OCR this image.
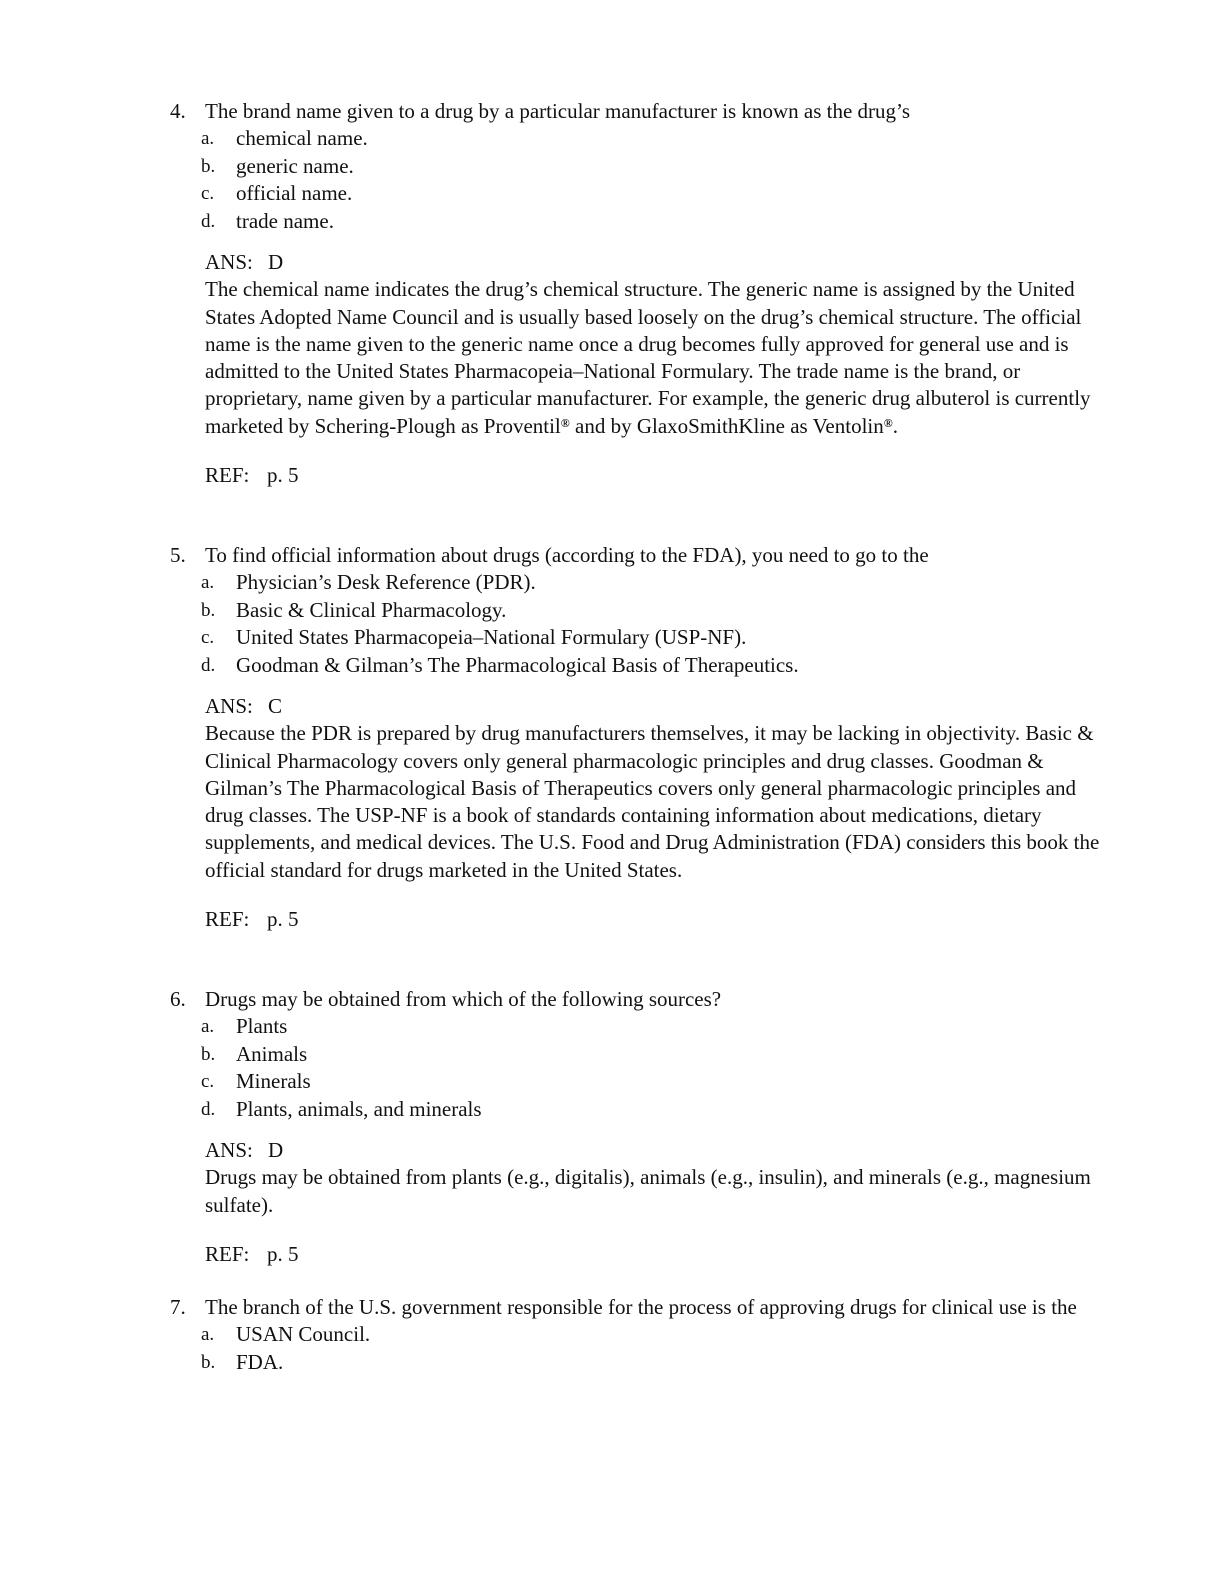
4. The brand name given to a drug by a particular manufacturer is known as the drug’s
a.	chemical name.
b. generic name.
c.	official name.
d. trade name.
ANS: D
The chemical name indicates the drug’s chemical structure. The generic name is assigned by the United States Adopted Name Council and is usually based loosely on the drug’s chemical structure. The official name is the name given to the generic name once a drug becomes fully approved for general use and is admitted to the United States Pharmacopeia–National Formulary. The trade name is the brand, or proprietary, name given by a particular manufacturer. For example, the generic drug albuterol is currently marketed by Schering-Plough as Proventil® and by GlaxoSmithKline as Ventolin®.
REF: p. 5
5. To find official information about drugs (according to the FDA), you need to go to the
a.	Physician’s Desk Reference (PDR).
b. Basic & Clinical Pharmacology.
c.	United States Pharmacopeia–National Formulary (USP-NF).
d. Goodman & Gilman’s The Pharmacological Basis of Therapeutics.
ANS: C
Because the PDR is prepared by drug manufacturers themselves, it may be lacking in objectivity. Basic & Clinical Pharmacology covers only general pharmacologic principles and drug classes. Goodman & Gilman’s The Pharmacological Basis of Therapeutics covers only general pharmacologic principles and drug classes. The USP-NF is a book of standards containing information about medications, dietary supplements, and medical devices. The U.S. Food and Drug Administration (FDA) considers this book the official standard for drugs marketed in the United States.
REF: p. 5
6. Drugs may be obtained from which of the following sources?
a.	Plants
b. Animals
c.	Minerals
d. Plants, animals, and minerals
ANS: D
Drugs may be obtained from plants (e.g., digitalis), animals (e.g., insulin), and minerals (e.g., magnesium sulfate).
REF: p. 5
7. The branch of the U.S. government responsible for the process of approving drugs for clinical use is the
a.	USAN Council.
b. FDA.
